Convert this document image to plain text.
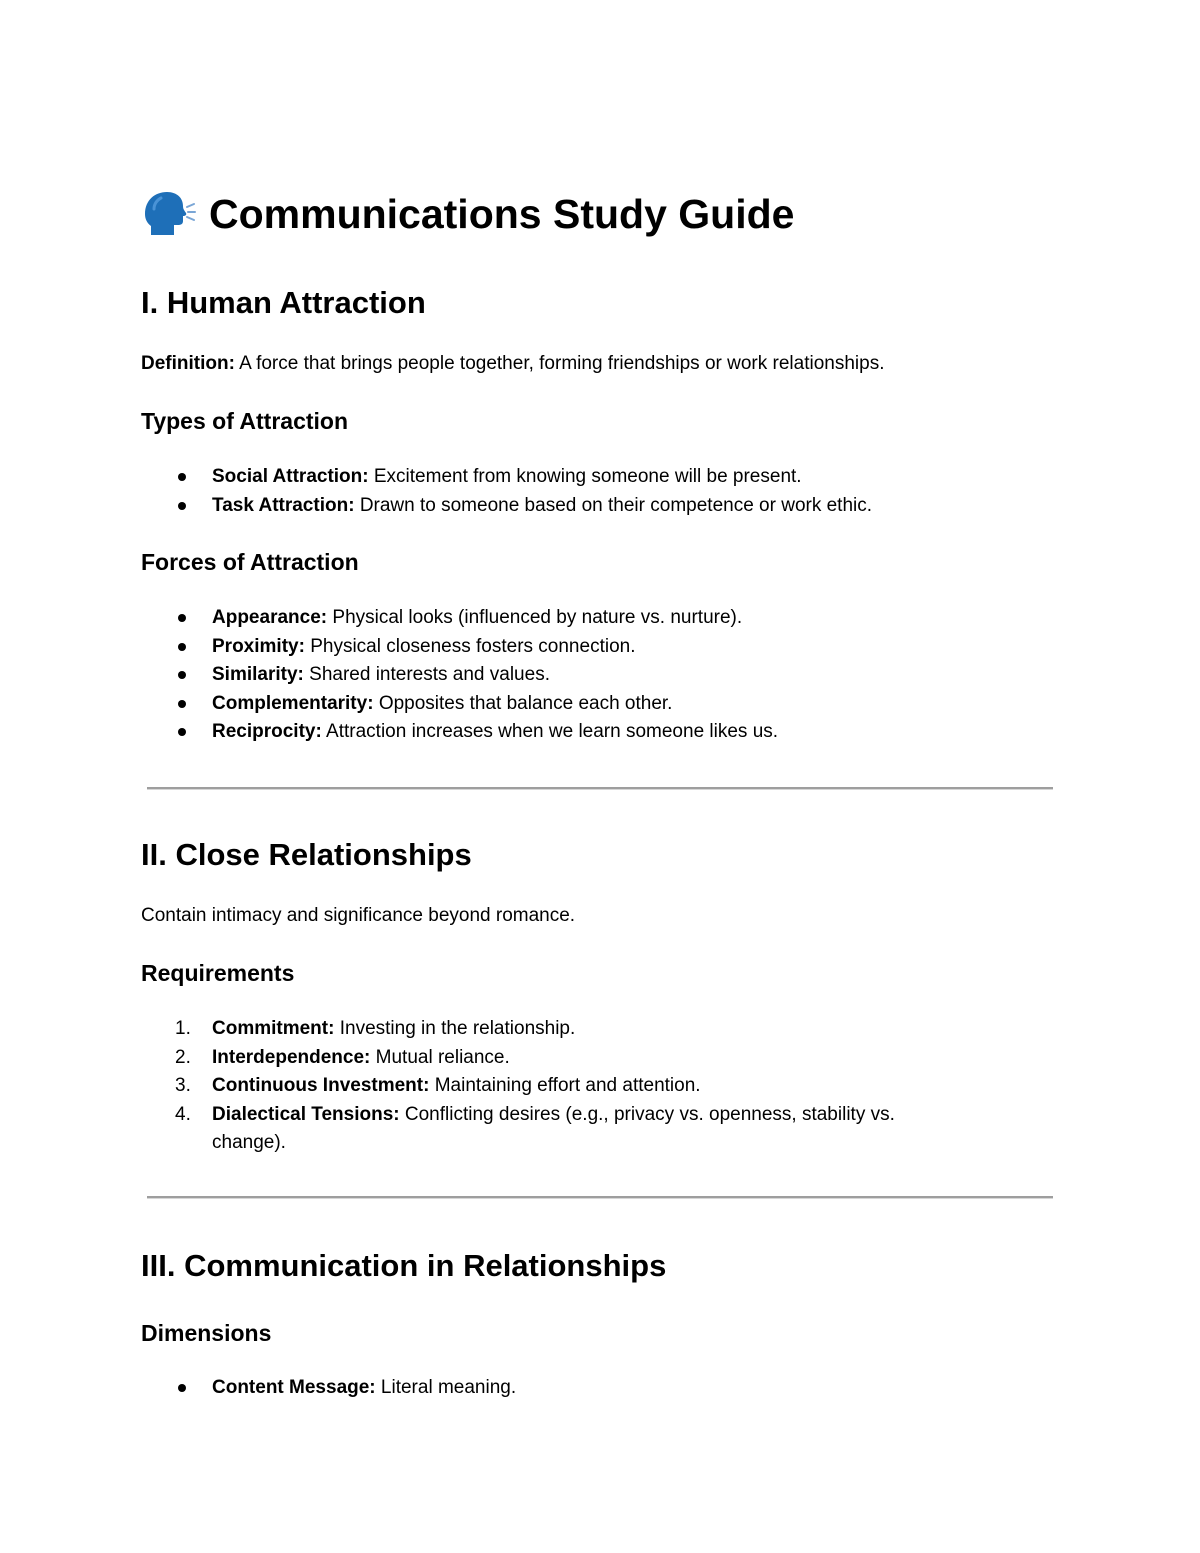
Communications Study Guide
I. Human Attraction

Definition: A force that brings people together, forming friendships or work relationships.

Types of Attraction
Social Attraction: Excitement from knowing someone will be present.
Task Attraction: Drawn to someone based on their competence or work ethic.
Forces of Attraction
Appearance: Physical looks (influenced by nature vs. nurture).
Proximity: Physical closeness fosters connection.
Similarity: Shared interests and values.
Complementarity: Opposites that balance each other.
Reciprocity: Attraction increases when we learn someone likes us.
II. Close Relationships

Contain intimacy and significance beyond romance.

Requirements
1. Commitment: Investing in the relationship.
2. Interdependence: Mutual reliance.
3. Continuous Investment: Maintaining effort and attention.
4. Dialectical Tensions: Conflicting desires (e.g., privacy vs. openness, stability vs.
change).
III. Communication in Relationships
Dimensions
Content Message: Literal meaning.
